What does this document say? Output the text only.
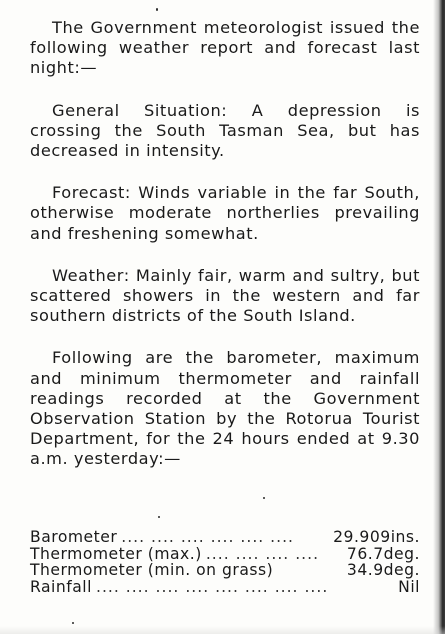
The Government meteorologist issued the following weather report and forecast last night:—

General Situation: A depression is crossing the South Tasman Sea, but has decreased in intensity.

Forecast: Winds variable in the far South, otherwise moderate northerlies prevailing and freshening somewhat.

Weather: Mainly fair, warm and sultry, but scattered showers in the western and far southern districts of the South Island.

Following are the barometer, maximum and minimum thermometer and rainfall readings recorded at the Government Observation Station by the Rotorua Tourist Department, for the 24 hours ended at 9.30 a.m. yesterday:—

Barometer .... .... .... .... .... ....	29.909ins.
Thermometer (max.) .... .... .... ....	76.7deg.
Thermometer (min. on grass)	34.9deg.
Rainfall .... .... .... .... .... .... .... ....	Nil
